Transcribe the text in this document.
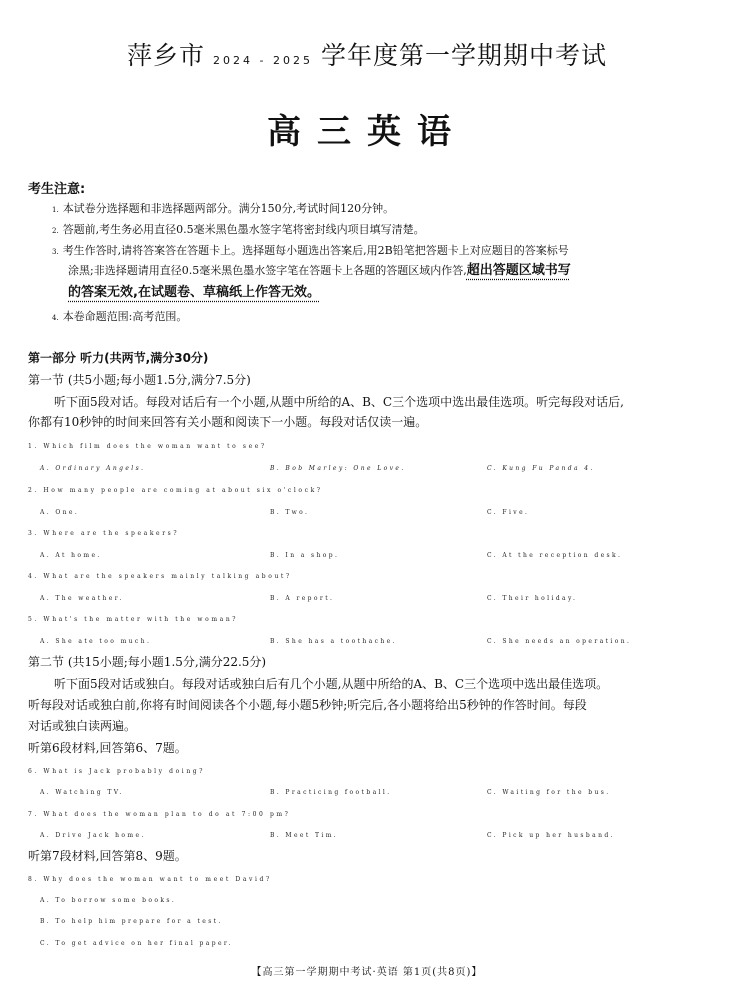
萍乡市 2024 - 2025 学年度第一学期期中考试
高三英语
考生注意:
1. 本试卷分选择题和非选择题两部分。满分150分,考试时间120分钟。
2. 答题前,考生务必用直径0.5毫米黑色墨水签字笔将密封线内项目填写清楚。
3. 考生作答时,请将答案答在答题卡上。选择题每小题选出答案后,用2B铅笔把答题卡上对应题目的答案标号
涂黑;非选择题请用直径0.5毫米黑色墨水签字笔在答题卡上各题的答题区域内作答,超出答题区域书写
的答案无效,在试题卷、草稿纸上作答无效。
4. 本卷命题范围:高考范围。
第一部分 听力(共两节,满分30分)
第一节 (共5小题;每小题1.5分,满分7.5分)
听下面5段对话。每段对话后有一个小题,从题中所给的A、B、C三个选项中选出最佳选项。听完每段对话后,
你都有10秒钟的时间来回答有关小题和阅读下一小题。每段对话仅读一遍。
1. Which film does the woman want to see?
A. Ordinary Angels.	B. Bob Marley: One Love.	C. Kung Fu Panda 4.
2. How many people are coming at about six o'clock?
A. One.	B. Two.	C. Five.
3. Where are the speakers?
A. At home.	B. In a shop.	C. At the reception desk.
4. What are the speakers mainly talking about?
A. The weather.	B. A report.	C. Their holiday.
5. What's the matter with the woman?
A. She ate too much.	B. She has a toothache.	C. She needs an operation.
第二节 (共15小题;每小题1.5分,满分22.5分)
听下面5段对话或独白。每段对话或独白后有几个小题,从题中所给的A、B、C三个选项中选出最佳选项。
听每段对话或独白前,你将有时间阅读各个小题,每小题5秒钟;听完后,各小题将给出5秒钟的作答时间。每段
对话或独白读两遍。
听第6段材料,回答第6、7题。
6. What is Jack probably doing?
A. Watching TV.	B. Practicing football.	C. Waiting for the bus.
7. What does the woman plan to do at 7:00 pm?
A. Drive Jack home.	B. Meet Tim.	C. Pick up her husband.
听第7段材料,回答第8、9题。
8. Why does the woman want to meet David?
A. To borrow some books.
B. To help him prepare for a test.
C. To get advice on her final paper.
【高三第一学期期中考试·英语 第1页(共8页)】
